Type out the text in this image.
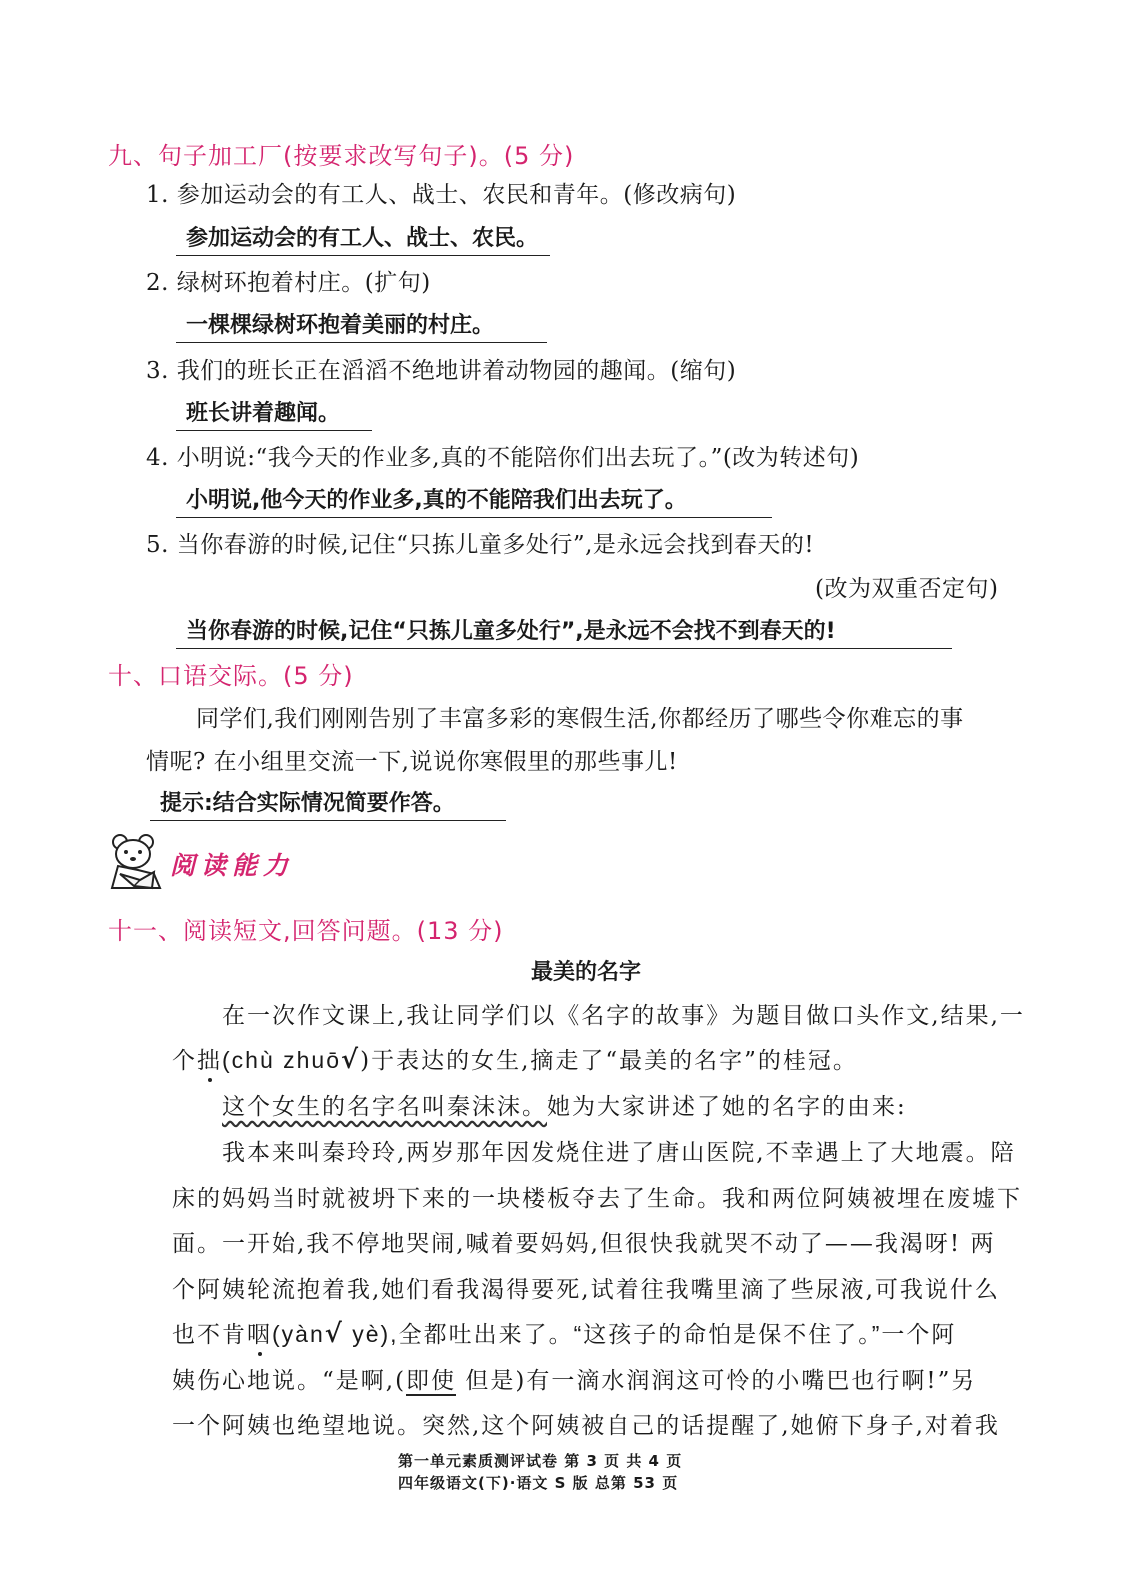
九、句子加工厂(按要求改写句子)。(5 分)
1. 参加运动会的有工人、战士、农民和青年。(修改病句)
参加运动会的有工人、战士、农民。
2. 绿树环抱着村庄。(扩句)
一棵棵绿树环抱着美丽的村庄。
3. 我们的班长正在滔滔不绝地讲着动物园的趣闻。(缩句)
班长讲着趣闻。
4. 小明说:“我今天的作业多,真的不能陪你们出去玩了。”(改为转述句)
小明说,他今天的作业多,真的不能陪我们出去玩了。
5. 当你春游的时候,记住“只拣儿童多处行”,是永远会找到春天的!
(改为双重否定句)
当你春游的时候,记住“只拣儿童多处行”,是永远不会找不到春天的!
十、口语交际。(5 分)
同学们,我们刚刚告别了丰富多彩的寒假生活,你都经历了哪些令你难忘的事
情呢? 在小组里交流一下,说说你寒假里的那些事儿!
提示:结合实际情况简要作答。
阅读能力
十一、阅读短文,回答问题。(13 分)
最美的名字
在一次作文课上,我让同学们以《名字的故事》为题目做口头作文,结果,一
个拙(chù zhuō√)于表达的女生,摘走了“最美的名字”的桂冠。
这个女生的名字名叫秦沫沫。她为大家讲述了她的名字的由来:
我本来叫秦玲玲,两岁那年因发烧住进了唐山医院,不幸遇上了大地震。陪
床的妈妈当时就被坍下来的一块楼板夺去了生命。我和两位阿姨被埋在废墟下
面。一开始,我不停地哭闹,喊着要妈妈,但很快我就哭不动了——我渴呀! 两
个阿姨轮流抱着我,她们看我渴得要死,试着往我嘴里滴了些尿液,可我说什么
也不肯咽(yàn√ yè),全都吐出来了。“这孩子的命怕是保不住了。”一个阿
姨伤心地说。“是啊,(即使 但是)有一滴水润润这可怜的小嘴巴也行啊!”另
一个阿姨也绝望地说。突然,这个阿姨被自己的话提醒了,她俯下身子,对着我
第一单元素质测评试卷 第 3 页 共 4 页
四年级语文(下)·语文 S 版 总第 53 页
